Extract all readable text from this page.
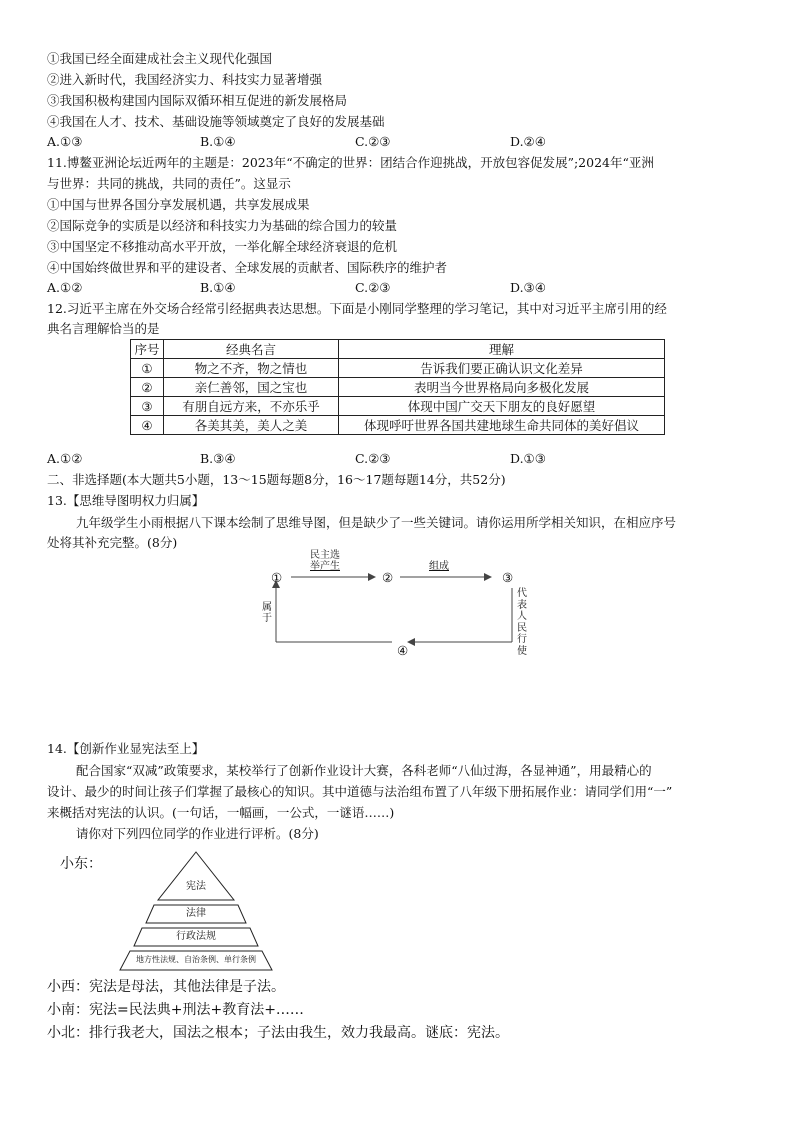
①我国已经全面建成社会主义现代化强国
②进入新时代，我国经济实力、科技实力显著增强
③我国积极构建国内国际双循环相互促进的新发展格局
④我国在人才、技术、基础设施等领域奠定了良好的发展基础
A.①③	B.①④	C.②③	D.②④
11.博鳌亚洲论坛近两年的主题是：2023年“不确定的世界：团结合作迎挑战，开放包容促发展”;2024年“亚洲
与世界：共同的挑战，共同的责任”。这显示
①中国与世界各国分享发展机遇，共享发展成果
②国际竞争的实质是以经济和科技实力为基础的综合国力的较量
③中国坚定不移推动高水平开放，一举化解全球经济衰退的危机
④中国始终做世界和平的建设者、全球发展的贡献者、国际秩序的维护者
A.①②	B.①④	C.②③	D.③④
12.习近平主席在外交场合经常引经据典表达思想。下面是小刚同学整理的学习笔记，其中对习近平主席引用的经
典名言理解恰当的是
序号	经典名言	理解
①	物之不齐，物之情也	告诉我们要正确认识文化差异
②	亲仁善邻，国之宝也	表明当今世界格局向多极化发展
③	有朋自远方来，不亦乐乎	体现中国广交天下朋友的良好愿望
④	各美其美，美人之美	体现呼吁世界各国共建地球生命共同体的美好倡议
A.①②	B.③④	C.②③	D.①③
二、非选择题(本大题共5小题，13～15题每题8分，16～17题每题14分，共52分)
13.【思维导图明权力归属】
九年级学生小雨根据八下课本绘制了思维导图，但是缺少了一些关键词。请你运用所学相关知识，在相应序号
处将其补充完整。(8分)
①	②	③
④
民主选
举产生	组成
属
于
代
表
人
民
行
使
14.【创新作业显宪法至上】
配合国家“双减”政策要求，某校举行了创新作业设计大赛，各科老师“八仙过海，各显神通”，用最精心的
设计、最少的时间让孩子们掌握了最核心的知识。其中道德与法治组布置了八年级下册拓展作业：请同学们用“一”
来概括对宪法的认识。(一句话，一幅画，一公式，一谜语……)
请你对下列四位同学的作业进行评析。(8分)
小东：
宪法
法律
行政法规
地方性法规、自治条例、单行条例
小西：宪法是母法，其他法律是子法。
小南：宪法=民法典+刑法+教育法+……
小北：排行我老大，国法之根本；子法由我生，效力我最高。谜底：宪法。
